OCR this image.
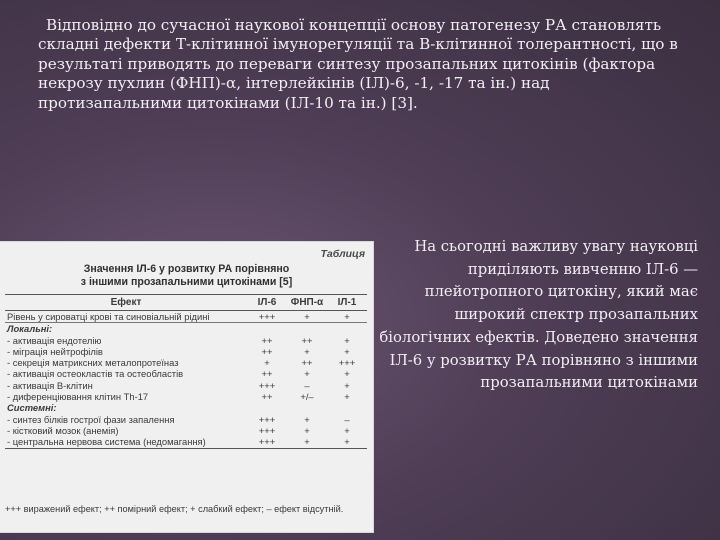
Відповідно до сучасної наукової концепції основу патогенезу РА становлять складні дефекти Т-клітинної імунорегуляції та В-клітинної толерантності, що в результаті приводять до переваги синтезу прозапальних цитокінів (фактора некрозу пухлин (ФНП)-α, інтерлейкінів (ІЛ)-6, -1, -17 та ін.) над протизапальними цитокінами (ІЛ-10 та ін.) [3].
Таблиця
Значення ІЛ-6 у розвитку РА порівняно
з іншими прозапальними цитокінами [5]
Ефект	ІЛ-6	ФНП-α	ІЛ-1
Рівень у сироватці крові та синовіальній рідині	+++	+	+
Локальні:			
- активація ендотелію	++	++	+
- міграція нейтрофілів	++	+	+
- секреція матриксних металопротеїназ	+	++	+++
- активація остеокластів та остеобластів	++	+	+
- активація В-клітин	+++	–	+
- диференціювання клітин Th-17	++	+/–	+
Системні:			
- синтез білків гострої фази запалення	+++	+	–
- кістковий мозок (анемія)	+++	+	+
- центральна нервова система (недомагання)	+++	+	+
+++ виражений ефект; ++ помірний ефект; + слабкий ефект; – ефект відсутній.
На сьогодні важливу увагу науковці приділяють вивченню ІЛ-6 — плейотропного цитокіну, який має широкий спектр прозапальних біологічних ефектів. Доведено значення ІЛ-6 у розвитку РА порівняно з іншими прозапальними цитокінами
